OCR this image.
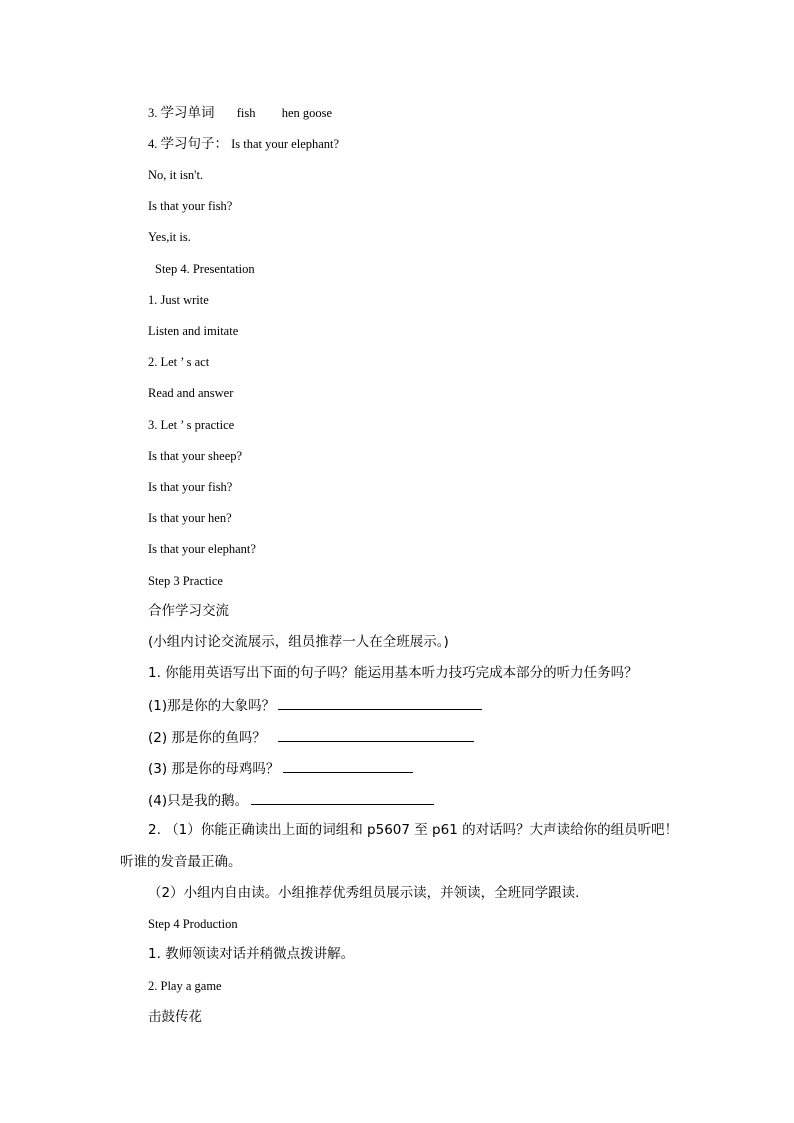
3. 学习单词 fish hen goose
4. 学习句子： Is that your elephant?
No, it isn't.
Is that your fish?
Yes,it is.
Step 4. Presentation
1. Just write
Listen and imitate
2. Let ’ s act
Read and answer
3. Let ’ s practice
Is that your sheep?
Is that your fish?
Is that your hen?
Is that your elephant?
Step 3 Practice
合作学习交流
(小组内讨论交流展示，组员推荐一人在全班展示。)
1. 你能用英语写出下面的句子吗？能运用基本听力技巧完成本部分的听力任务吗？
(1)那是你的大象吗？
(2) 那是你的鱼吗？
(3) 那是你的母鸡吗？
(4)只是我的鹅。
2. （1）你能正确读出上面的词组和 p5607 至 p61 的对话吗？大声读给你的组员听吧！
听谁的发音最正确。
（2）小组内自由读。小组推荐优秀组员展示读，并领读，全班同学跟读.
Step 4 Production
1. 教师领读对话并稍微点拨讲解。
2. Play a game
击鼓传花
